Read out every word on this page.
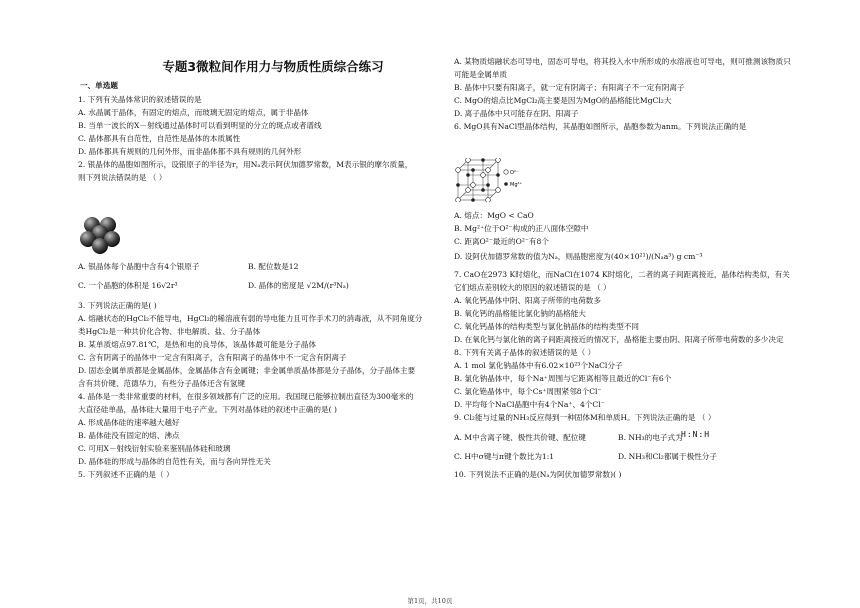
专题3微粒间作用力与物质性质综合练习
一、单选题
1. 下列有关晶体常识的叙述错误的是
A. 水晶属于晶体，有固定的熔点，而玻璃无固定的熔点，属于非晶体
B. 当单一波长的X－射线通过晶体时可以看到明显的分立的斑点或者谱线
C. 晶体都具有自范性，自范性是晶体的本质属性
D. 晶体都具有规则的几何外形，而非晶体都不具有规则的几何外形
2. 银晶体的晶胞如图所示，设银原子的半径为r，用Nₐ表示阿伏加德罗常数，M表示银的摩尔质量，
则下列说法错误的是 （ ）
A. 银晶体每个晶胞中含有4个银原子
C. 一个晶胞的体积是 16√2r³
3. 下列说法正确的是( )
A. 熔融状态的HgCl₂不能导电，HgCl₂的稀溶液有弱的导电能力且可作手术刀的消毒液，从不同角度分
类HgCl₂是一种共价化合物、非电解质、盐、分子晶体
B. 某单质熔点97.81℃，是热和电的良导体，该晶体最可能是分子晶体
C. 含有阴离子的晶体中一定含有阳离子，含有阳离子的晶体中不一定含有阴离子
D. 固态金属单质都是金属晶体，金属晶体含有金属键；非金属单质晶体都是分子晶体，分子晶体主要
含有共价键、范德华力，有些分子晶体还含有氢键
4. 晶体是一类非常重要的材料，在很多领域都有广泛的应用。我国现已能够拉制出直径为300毫米的
大直径硅单晶，晶体硅大量用于电子产业。下列对晶体硅的叙述中正确的是( )
A. 形成晶体硅的速率越大越好
B. 晶体硅没有固定的熔、沸点
C. 可用X－射线衍射实验来鉴别晶体硅和玻璃
D. 晶体硅的形成与晶体的自范性有关，而与各向异性无关
5. 下列叙述不正确的是（ ）
B. 配位数是12
D. 晶体的密度是 √2M/(r³Nₐ)
A. 某物质熔融状态可导电，固态可导电，将其投入水中所形成的水溶液也可导电，则可推测该物质只
可能是金属单质
B. 晶体中只要有阳离子，就一定有阴离子；有阳离子不一定有阴离子
C. MgO的熔点比MgCl₂高主要是因为MgO的晶格能比MgCl₂大
D. 离子晶体中只可能存在阴、阳离子
6. MgO具有NaCl型晶体结构，其晶胞如图所示，晶胞参数为anm。下列说法正确的是
A. 熔点：MgO < CaO
B. Mg²⁺位于O²⁻构成的正八面体空隙中
C. 距离O²⁻最近的O²⁻有8个
D. 设阿伏加德罗常数的值为Nₐ，则晶胞密度为(40×10²¹)/(Nₐa³) g cm⁻³
7. CaO在2973 K时熔化，而NaCl在1074 K时熔化，二者的离子间距离接近，晶体结构类似，有关
它们熔点差别较大的原因的叙述错误的是 （ ）
A. 氧化钙晶体中阴、阳离子所带的电荷数多
B. 氧化钙的晶格能比氯化钠的晶格能大
C. 氧化钙晶体的结构类型与氯化钠晶体的结构类型不同
D. 在氧化钙与氯化钠的离子间距离接近的情况下，晶格能主要由阴、阳离子所带电荷数的多少决定
8. 下列有关离子晶体的叙述错误的是（ ）
A. 1 mol 氯化钠晶体中有6.02×10²³个NaCl分子
B. 氯化钠晶体中，每个Na⁺周围与它距离相等且最近的Cl⁻有6个
C. 氯化铯晶体中，每个Cs⁺周围紧邻8个Cl⁻
D. 平均每个NaCl晶胞中有4个Na⁺、4个Cl⁻
9. Cl₂能与过量的NH₃反应得到一种固体M和单质H。下列说法正确的是 （ ）
A. M中含离子键、极性共价键、配位键
C. H中σ键与π键个数比为1:1
10. 下列说法不正确的是(Nₐ为阿伏加德罗常数)( )
B. NH₃的电子式为
D. NH₃和Cl₂都属于极性分子
O²⁻
Mg²⁺
H:N:H
第1页，共10页
